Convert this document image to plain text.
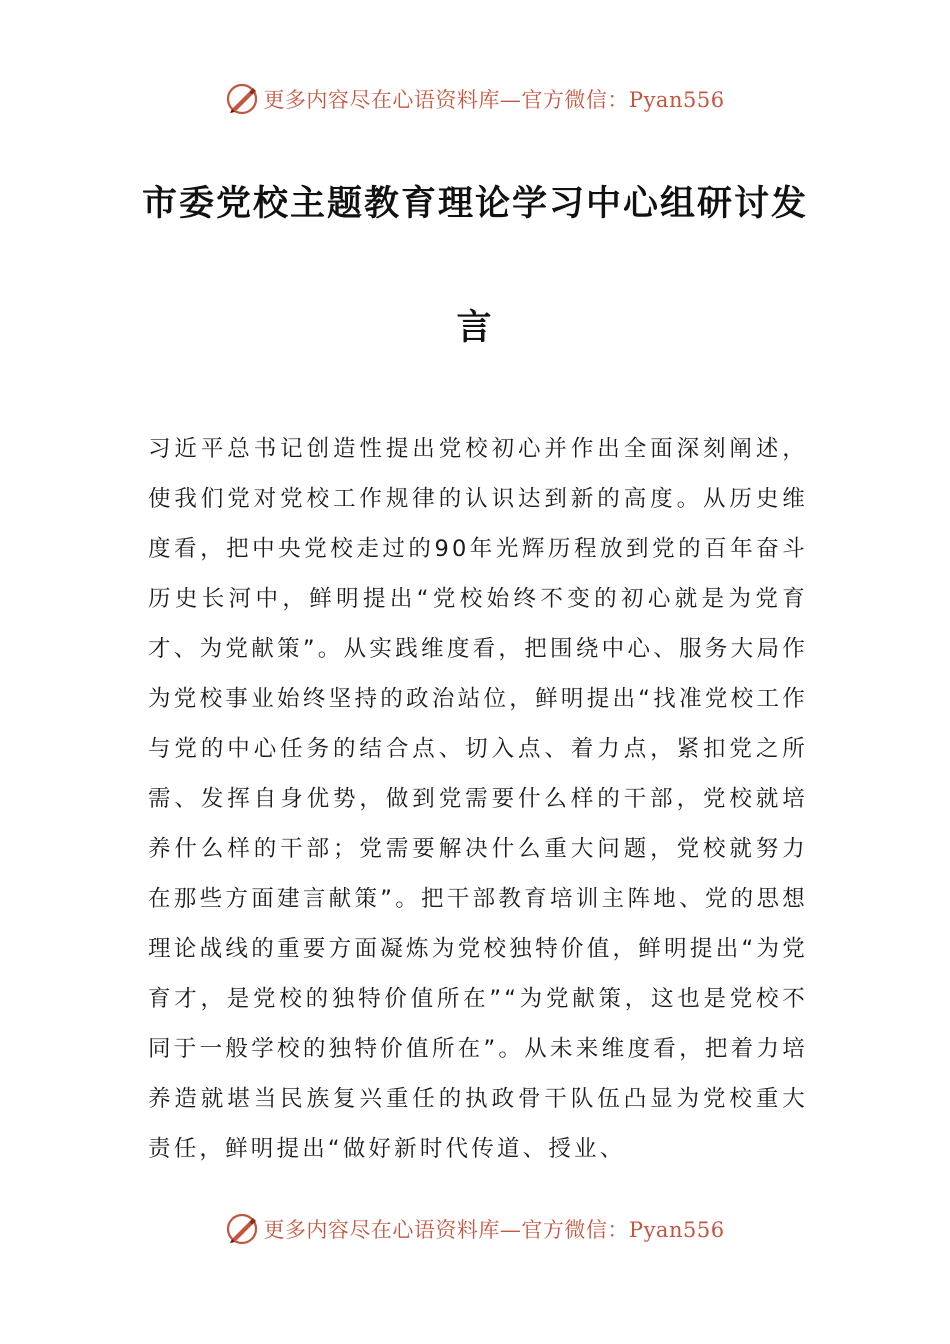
更多内容尽在心语资料库—官方微信：Pyan556
市委党校主题教育理论学习中心组研讨发
言

习近平总书记创造性提出党校初心并作出全面深刻阐述，使我们党对党校工作规律的认识达到新的高度。从历史维度看，把中央党校走过的90年光辉历程放到党的百年奋斗历史长河中，鲜明提出“党校始终不变的初心就是为党育才、为党献策”。从实践维度看，把围绕中心、服务大局作为党校事业始终坚持的政治站位，鲜明提出“找准党校工作与党的中心任务的结合点、切入点、着力点，紧扣党之所需、发挥自身优势，做到党需要什么样的干部，党校就培养什么样的干部；党需要解决什么重大问题，党校就努力在那些方面建言献策”。把干部教育培训主阵地、党的思想理论战线的重要方面凝炼为党校独特价值，鲜明提出“为党育才，是党校的独特价值所在”“为党献策，这也是党校不同于一般学校的独特价值所在”。从未来维度看，把着力培养造就堪当民族复兴重任的执政骨干队伍凸显为党校重大责任，鲜明提出“做好新时代传道、授业、

更多内容尽在心语资料库—官方微信：Pyan556
